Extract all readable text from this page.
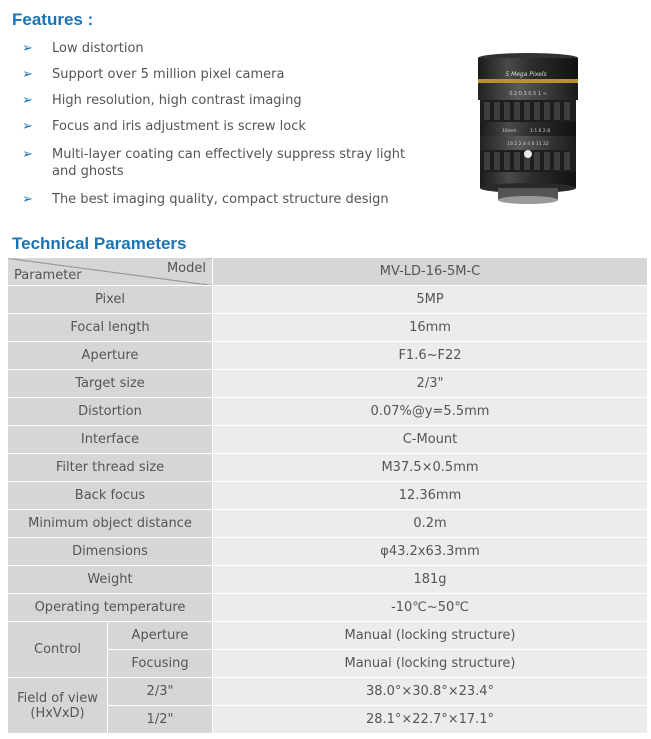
Features :
➢ Low distortion
➢ Support over 5 million pixel camera
➢ High resolution, high contrast imaging
➢ Focus and iris adjustment is screw lock
➢ Multi-layer coating can effectively suppress stray light and ghosts
➢ The best imaging quality, compact structure design
5 Mega Pixels
0.2 0.3 0.5 1 ∞
16mm	1:1.6 2.8
16 2 2.8 4 8 11 22
Technical Parameters
Model
Parameter		MV-LD-16-5M-C
Pixel		5MP
Focal length		16mm
Aperture		F1.6~F22
Target size		2/3"
Distortion		0.07%@y=5.5mm
Interface		C-Mount
Filter thread size		M37.5×0.5mm
Back focus		12.36mm
Minimum object distance		0.2m
Dimensions		φ43.2x63.3mm
Weight		181g
Operating temperature		-10℃~50℃
Control	Aperture	Manual (locking structure)
	Focusing	Manual (locking structure)

Field of view
(HxVxD)	2/3"	38.0°×30.8°×23.4°
	1/2"	28.1°×22.7°×17.1°
